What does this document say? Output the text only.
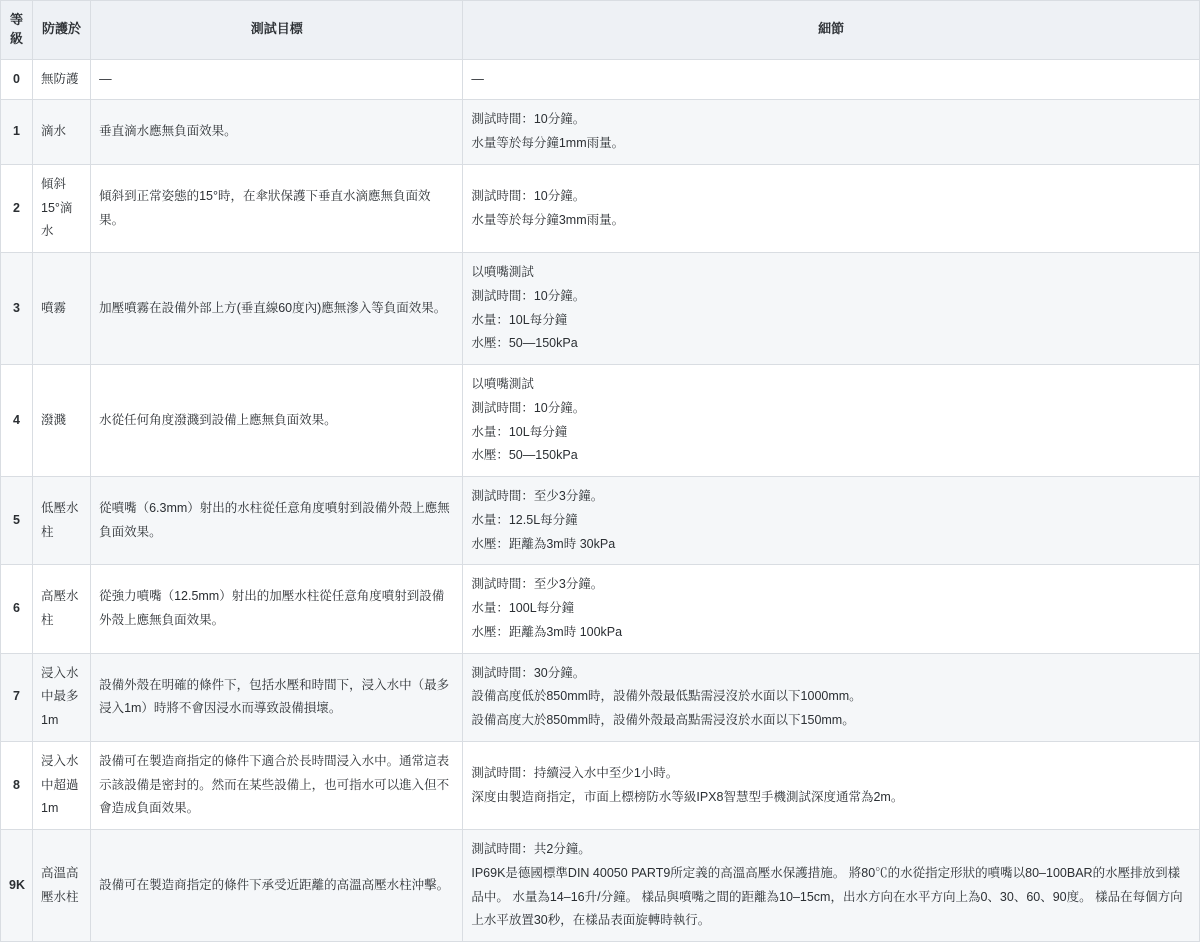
等級	防護於	測試目標	細節
0	無防護	—	—

1	滴水	垂直滴水應無負面效果。	測試時間：10分鐘。
水量等於每分鐘1mm雨量。

2	傾斜15°滴水	傾斜到正常姿態的15°時，在傘狀保護下垂直水滴應無負面效果。	測試時間：10分鐘。
水量等於每分鐘3mm雨量。

3	噴霧	加壓噴霧在設備外部上方(垂直線60度內)應無滲入等負面效果。	以噴嘴測試
測試時間：10分鐘。
水量：10L每分鐘
水壓：50—150kPa

4	潑濺	水從任何角度潑濺到設備上應無負面效果。	以噴嘴測試
測試時間：10分鐘。
水量：10L每分鐘
水壓：50—150kPa

5	低壓水柱	從噴嘴（6.3mm）射出的水柱從任意角度噴射到設備外殼上應無負面效果。	測試時間：至少3分鐘。
水量：12.5L每分鐘
水壓：距離為3m時 30kPa

6	高壓水柱	從強力噴嘴（12.5mm）射出的加壓水柱從任意角度噴射到設備外殼上應無負面效果。	測試時間：至少3分鐘。
水量：100L每分鐘
水壓：距離為3m時 100kPa

7	浸入水中最多1m	設備外殼在明確的條件下，包括水壓和時間下，浸入水中（最多浸入1m）時將不會因浸水而導致設備損壞。	測試時間：30分鐘。
設備高度低於850mm時，設備外殼最低點需浸沒於水面以下1000mm。
設備高度大於850mm時，設備外殼最高點需浸沒於水面以下150mm。

8	浸入水中超過1m	設備可在製造商指定的條件下適合於長時間浸入水中。通常這表示該設備是密封的。然而在某些設備上，也可指水可以進入但不會造成負面效果。	測試時間：持續浸入水中至少1小時。
深度由製造商指定，市面上標榜防水等級IPX8智慧型手機測試深度通常為2m。

9K	高溫高壓水柱	設備可在製造商指定的條件下承受近距離的高溫高壓水柱沖擊。	測試時間：共2分鐘。
IP69K是德國標準DIN 40050 PART9所定義的高溫高壓水保護措施。 將80℃的水從指定形狀的噴嘴以80–100BAR的水壓排放到樣品中。 水量為14–16升/分鐘。 樣品與噴嘴之間的距離為10–15cm，出水方向在水平方向上為0、30、60、90度。 樣品在每個方向上水平放置30秒，在樣品表面旋轉時執行。
